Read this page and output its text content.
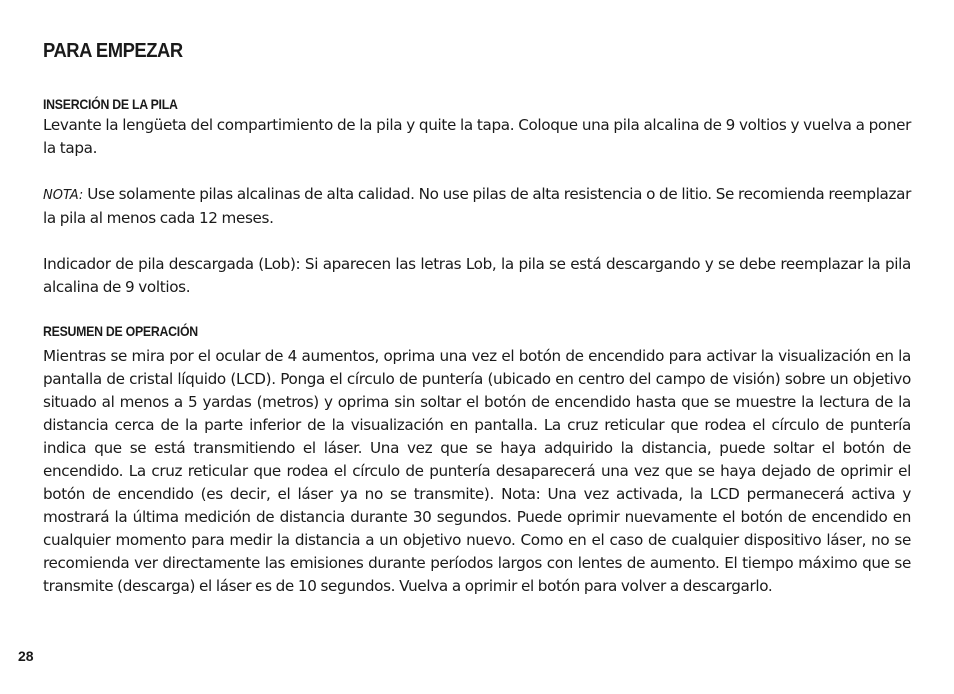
PARA EMPEZAR
INSERCIÓN DE LA PILA

Levante la lengüeta del compartimiento de la pila y quite la tapa. Coloque una pila alcalina de 9 voltios y vuelva a poner la tapa.

NOTA: Use solamente pilas alcalinas de alta calidad. No use pilas de alta resistencia o de litio. Se recomienda reemplazar la pila al menos cada 12 meses.

Indicador de pila descargada (Lob): Si aparecen las letras Lob, la pila se está descargando y se debe reemplazar la pila alcalina de 9 voltios.

RESUMEN DE OPERACIÓN

Mientras se mira por el ocular de 4 aumentos, oprima una vez el botón de encendido para activar la visualización en la pantalla de cristal líquido (LCD). Ponga el círculo de puntería (ubicado en centro del campo de visión) sobre un objetivo situado al menos a 5 yardas (metros) y oprima sin soltar el botón de encendido hasta que se muestre la lectura de la distancia cerca de la parte inferior de la visualización en pantalla. La cruz reticular que rodea el círculo de puntería indica que se está transmitiendo el láser. Una vez que se haya adquirido la distancia, puede soltar el botón de encendido. La cruz reticular que rodea el círculo de puntería desaparecerá una vez que se haya dejado de oprimir el botón de encendido (es decir, el láser ya no se transmite). Nota: Una vez activada, la LCD permanecerá activa y mostrará la última medición de distancia durante 30 segundos. Puede oprimir nuevamente el botón de encendido en cualquier momento para medir la distancia a un objetivo nuevo. Como en el caso de cualquier dispositivo láser, no se recomienda ver directamente las emisiones durante períodos largos con lentes de aumento. El tiempo máximo que se transmite (descarga) el láser es de 10 segundos. Vuelva a oprimir el botón para volver a descargarlo.

28
